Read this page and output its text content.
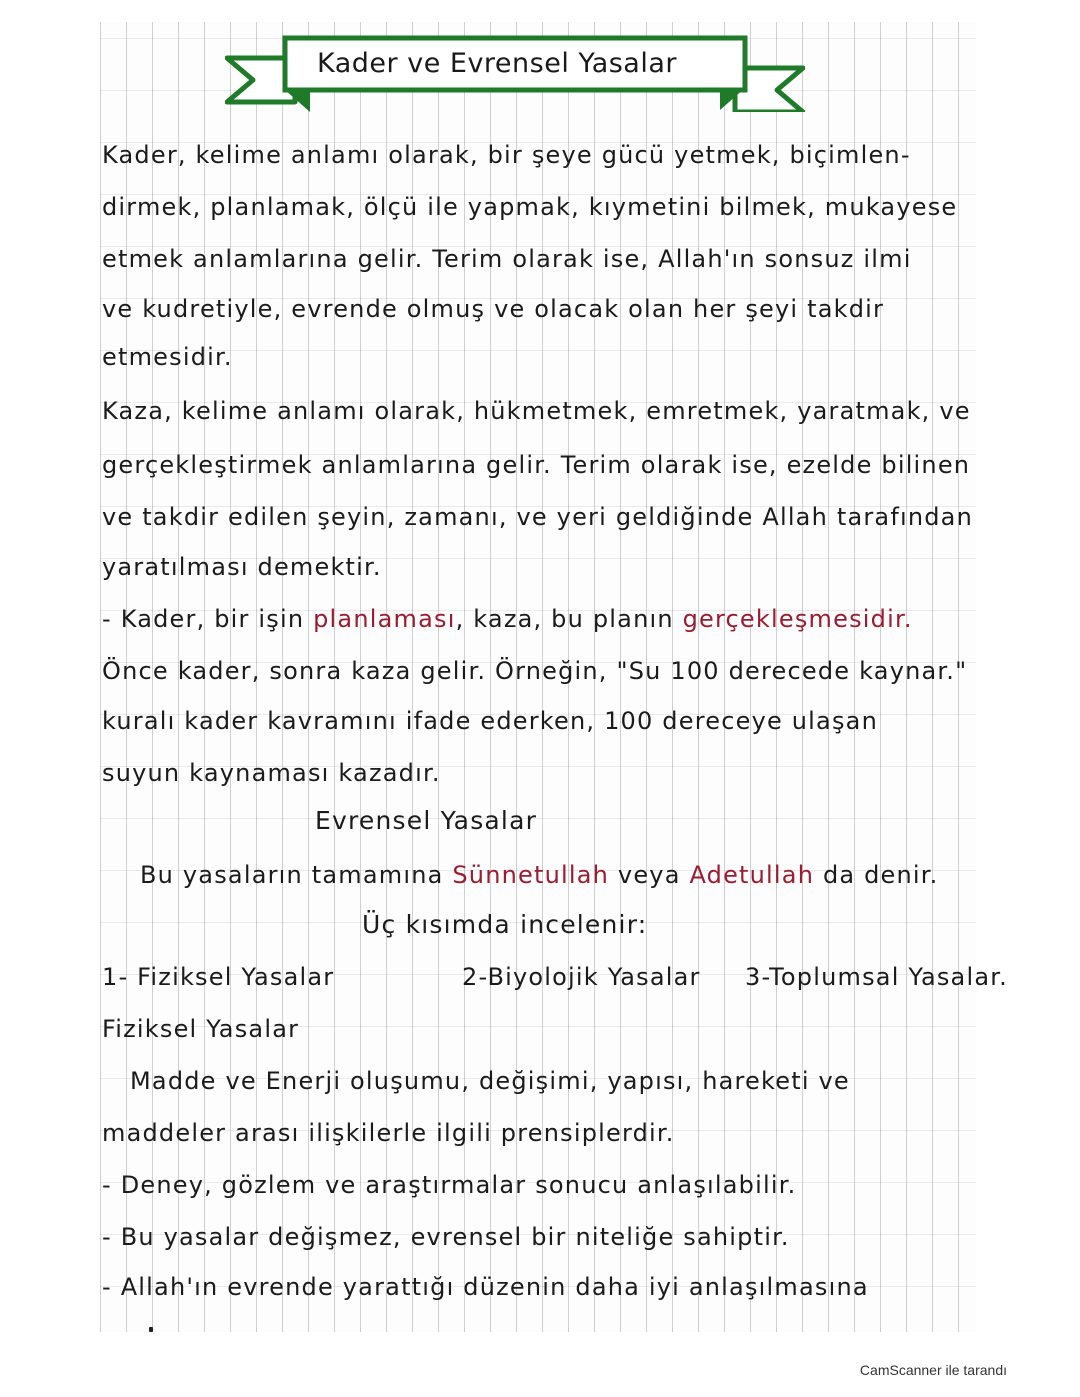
Kader ve Evrensel Yasalar
Kader, kelime anlamı olarak, bir şeye gücü yetmek, biçimlen-
dirmek, planlamak, ölçü ile yapmak, kıymetini bilmek, mukayese
etmek anlamlarına gelir. Terim olarak ise, Allah'ın sonsuz ilmi
ve kudretiyle, evrende olmuş ve olacak olan her şeyi takdir
etmesidir.
Kaza, kelime anlamı olarak, hükmetmek, emretmek, yaratmak, ve
gerçekleştirmek anlamlarına gelir. Terim olarak ise, ezelde bilinen
ve takdir edilen şeyin, zamanı, ve yeri geldiğinde Allah tarafından
yaratılması demektir.
- Kader, bir işin planlaması, kaza, bu planın gerçekleşmesidir.
Önce kader, sonra kaza gelir. Örneğin, "Su 100 derecede kaynar."
kuralı kader kavramını ifade ederken, 100 dereceye ulaşan
suyun kaynaması kazadır.
Evrensel Yasalar
Bu yasaların tamamına Sünnetullah veya Adetullah da denir.
Üç kısımda incelenir:
1- Fiziksel Yasalar	2-Biyolojik Yasalar 3-Toplumsal Yasalar.
Fiziksel Yasalar
Madde ve Enerji oluşumu, değişimi, yapısı, hareketi ve
maddeler arası ilişkilerle ilgili prensiplerdir.
- Deney, gözlem ve araştırmalar sonucu anlaşılabilir.
- Bu yasalar değişmez, evrensel bir niteliğe sahiptir.
- Allah'ın evrende yarattığı düzenin daha iyi anlaşılmasına
CamScanner ile tarandı
